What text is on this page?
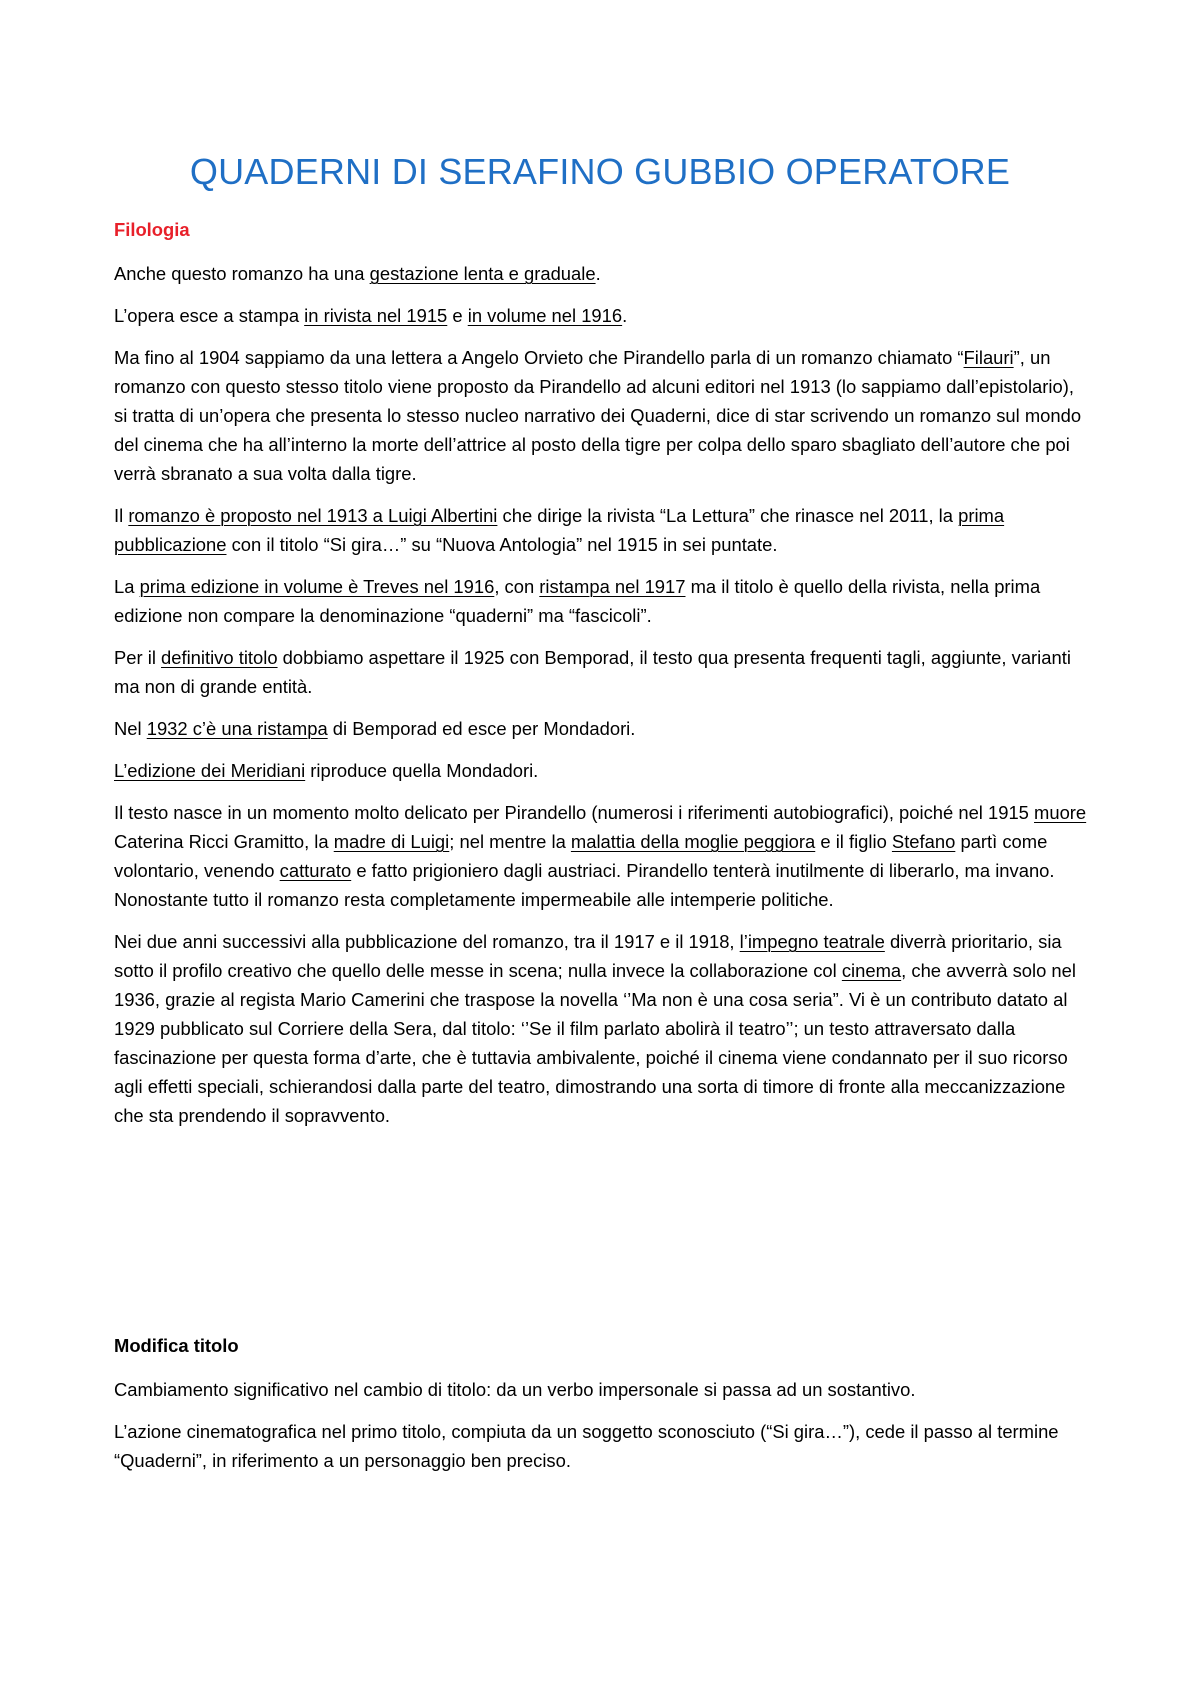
QUADERNI DI SERAFINO GUBBIO OPERATORE
Filologia

Anche questo romanzo ha una gestazione lenta e graduale.

L’opera esce a stampa in rivista nel 1915 e in volume nel 1916.

Ma fino al 1904 sappiamo da una lettera a Angelo Orvieto che Pirandello parla di un romanzo chiamato “Filauri”, un romanzo con questo stesso titolo viene proposto da Pirandello ad alcuni editori nel 1913 (lo sappiamo dall’epistolario), si tratta di un’opera che presenta lo stesso nucleo narrativo dei Quaderni, dice di star scrivendo un romanzo sul mondo del cinema che ha all’interno la morte dell’attrice al posto della tigre per colpa dello sparo sbagliato dell’autore che poi verrà sbranato a sua volta dalla tigre.

Il romanzo è proposto nel 1913 a Luigi Albertini che dirige la rivista “La Lettura” che rinasce nel 2011, la prima pubblicazione con il titolo “Si gira…” su “Nuova Antologia” nel 1915 in sei puntate.

La prima edizione in volume è Treves nel 1916, con ristampa nel 1917 ma il titolo è quello della rivista, nella prima edizione non compare la denominazione “quaderni” ma “fascicoli”.

Per il definitivo titolo dobbiamo aspettare il 1925 con Bemporad, il testo qua presenta frequenti tagli, aggiunte, varianti ma non di grande entità.

Nel 1932 c’è una ristampa di Bemporad ed esce per Mondadori.

L’edizione dei Meridiani riproduce quella Mondadori.

Il testo nasce in un momento molto delicato per Pirandello (numerosi i riferimenti autobiografici), poiché nel 1915 muore Caterina Ricci Gramitto, la madre di Luigi; nel mentre la malattia della moglie peggiora e il figlio Stefano partì come volontario, venendo catturato e fatto prigioniero dagli austriaci. Pirandello tenterà inutilmente di liberarlo, ma invano. Nonostante tutto il romanzo resta completamente impermeabile alle intemperie politiche.

Nei due anni successivi alla pubblicazione del romanzo, tra il 1917 e il 1918, l’impegno teatrale diverrà prioritario, sia sotto il profilo creativo che quello delle messe in scena; nulla invece la collaborazione col cinema, che avverrà solo nel 1936, grazie al regista Mario Camerini che traspose la novella ‘’Ma non è una cosa seria”. Vi è un contributo datato al 1929 pubblicato sul Corriere della Sera, dal titolo: ‘’Se il film parlato abolirà il teatro’’; un testo attraversato dalla fascinazione per questa forma d’arte, che è tuttavia ambivalente, poiché il cinema viene condannato per il suo ricorso agli effetti speciali, schierandosi dalla parte del teatro, dimostrando una sorta di timore di fronte alla meccanizzazione che sta prendendo il sopravvento.

Modifica titolo

Cambiamento significativo nel cambio di titolo: da un verbo impersonale si passa ad un sostantivo.

L’azione cinematografica nel primo titolo, compiuta da un soggetto sconosciuto (“Si gira…”), cede il passo al termine “Quaderni”, in riferimento a un personaggio ben preciso.
